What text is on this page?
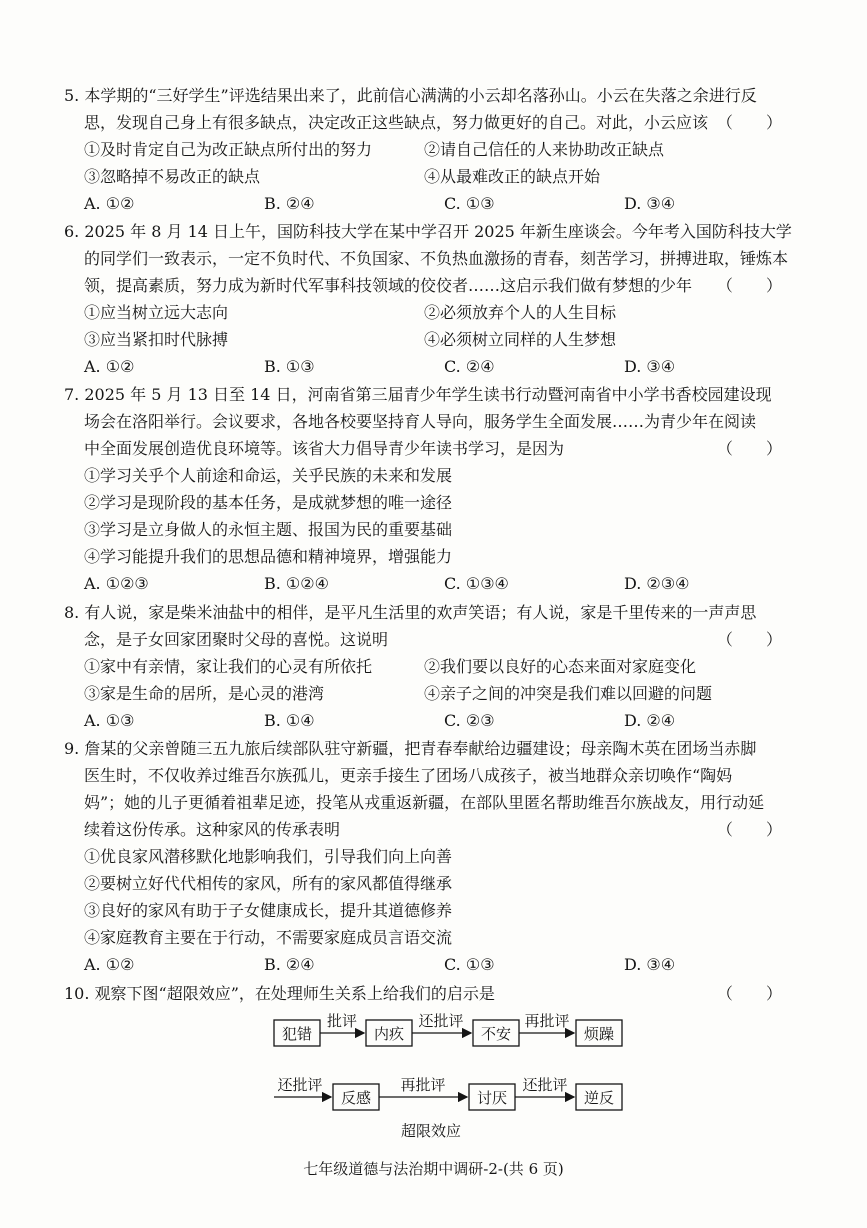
5. 本学期的“三好学生”评选结果出来了，此前信心满满的小云却名落孙山。小云在失落之余进行反
思，发现自己身上有很多缺点，决定改正这些缺点，努力做更好的自己。对此，小云应该 （ ）
①及时肯定自己为改正缺点所付出的努力	②请自己信任的人来协助改正缺点
③忽略掉不易改正的缺点	④从最难改正的缺点开始
A. ①②	B. ②④	C. ①③	D. ③④
6. 2025 年 8 月 14 日上午，国防科技大学在某中学召开 2025 年新生座谈会。今年考入国防科技大学
的同学们一致表示，一定不负时代、不负国家、不负热血激扬的青春，刻苦学习，拼搏进取，锤炼本
领，提高素质，努力成为新时代军事科技领域的佼佼者……这启示我们做有梦想的少年 （ ）
①应当树立远大志向	②必须放弃个人的人生目标
③应当紧扣时代脉搏	④必须树立同样的人生梦想
A. ①②	B. ①③	C. ②④	D. ③④
7. 2025 年 5 月 13 日至 14 日，河南省第三届青少年学生读书行动暨河南省中小学书香校园建设现
场会在洛阳举行。会议要求，各地各校要坚持育人导向，服务学生全面发展……为青少年在阅读
中全面发展创造优良环境等。该省大力倡导青少年读书学习，是因为	（ ）
①学习关乎个人前途和命运，关乎民族的未来和发展
②学习是现阶段的基本任务，是成就梦想的唯一途径
③学习是立身做人的永恒主题、报国为民的重要基础
④学习能提升我们的思想品德和精神境界，增强能力
A. ①②③	B. ①②④	C. ①③④	D. ②③④
8. 有人说，家是柴米油盐中的相伴，是平凡生活里的欢声笑语；有人说，家是千里传来的一声声思
念，是子女回家团聚时父母的喜悦。这说明	（ ）
①家中有亲情，家让我们的心灵有所依托	②我们要以良好的心态来面对家庭变化
③家是生命的居所，是心灵的港湾	④亲子之间的冲突是我们难以回避的问题
A. ①③	B. ①④	C. ②③	D. ②④
9. 詹某的父亲曾随三五九旅后续部队驻守新疆，把青春奉献给边疆建设；母亲陶木英在团场当赤脚
医生时，不仅收养过维吾尔族孤儿，更亲手接生了团场八成孩子，被当地群众亲切唤作“陶妈
妈”；她的儿子更循着祖辈足迹，投笔从戎重返新疆，在部队里匿名帮助维吾尔族战友，用行动延
续着这份传承。这种家风的传承表明	（ ）
①优良家风潜移默化地影响我们，引导我们向上向善
②要树立好代代相传的家风，所有的家风都值得继承
③良好的家风有助于子女健康成长，提升其道德修养
④家庭教育主要在于行动，不需要家庭成员言语交流
A. ①②	B. ②④	C. ①③	D. ③④
10. 观察下图“超限效应”，在处理师生关系上给我们的启示是	（ ）
犯错	内疚	不安	烦躁
批评	还批评	再批评
反感	讨厌	逆反
还批评	再批评	还批评
超限效应
七年级道德与法治期中调研-2-(共 6 页)
